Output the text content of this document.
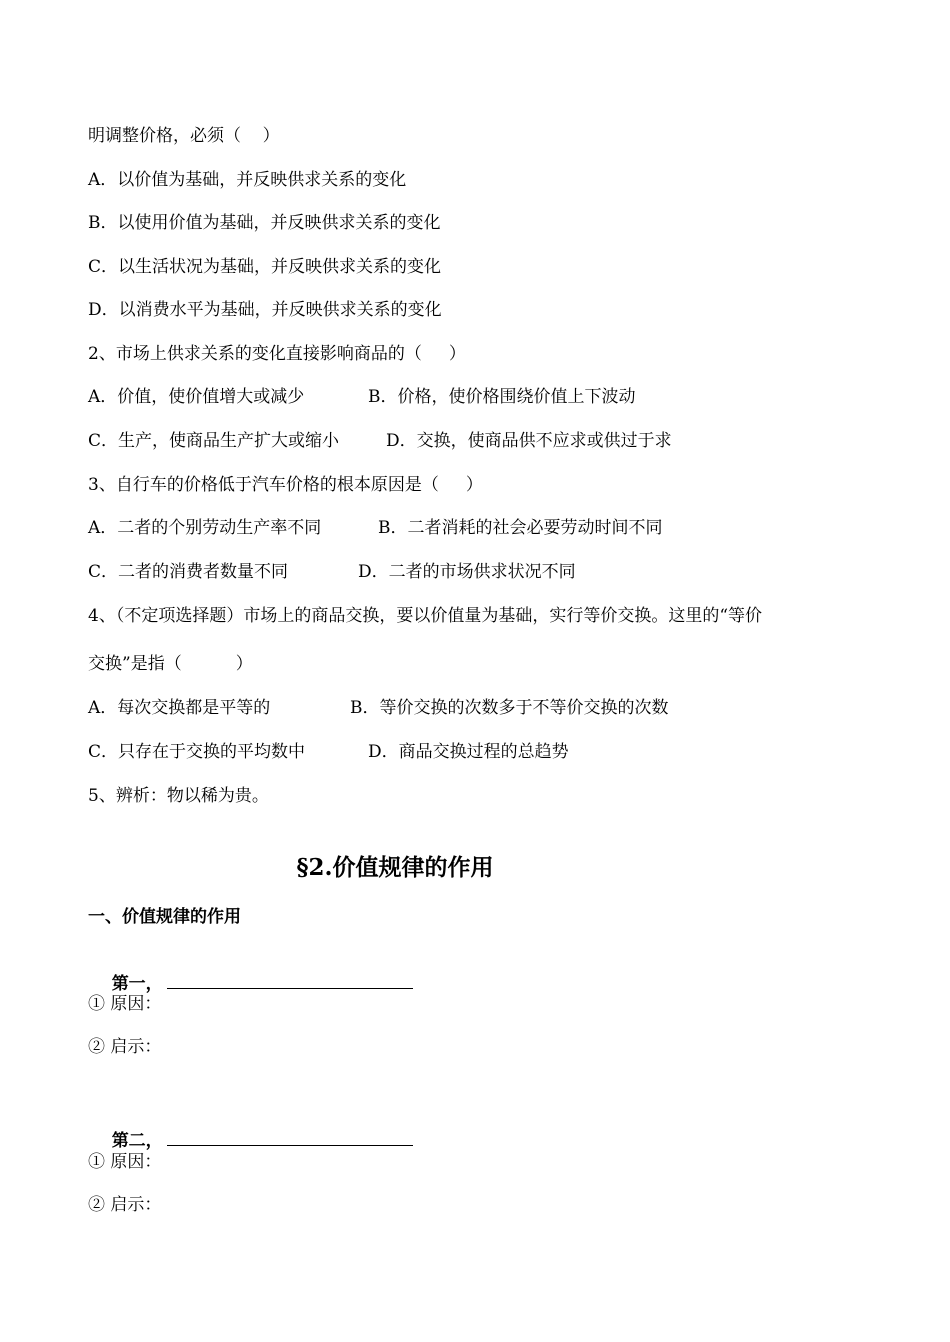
明调整价格，必须（    ）
A．以价值为基础，并反映供求关系的变化
B．以使用价值为基础，并反映供求关系的变化
C．以生活状况为基础，并反映供求关系的变化
D．以消费水平为基础，并反映供求关系的变化
2、市场上供求关系的变化直接影响商品的（     ）
A．价值，使价值增大或减少	B．价格，使价格围绕价值上下波动
C．生产，使商品生产扩大或缩小	D．交换，使商品供不应求或供过于求
3、自行车的价格低于汽车价格的根本原因是（     ）
A．二者的个别劳动生产率不同	B．二者消耗的社会必要劳动时间不同
C．二者的消费者数量不同	D．二者的市场供求状况不同
4、（不定项选择题）市场上的商品交换，要以价值量为基础，实行等价交换。这里的“等价
交换”是指（          ）
A．每次交换都是平等的	B．等价交换的次数多于不等价交换的次数
C．只存在于交换的平均数中	D．商品交换过程的总趋势
5、辨析：物以稀为贵。
§2.价值规律的作用
一、价值规律的作用

第一，

① 原因：
② 启示：

第二，

① 原因：
② 启示：
